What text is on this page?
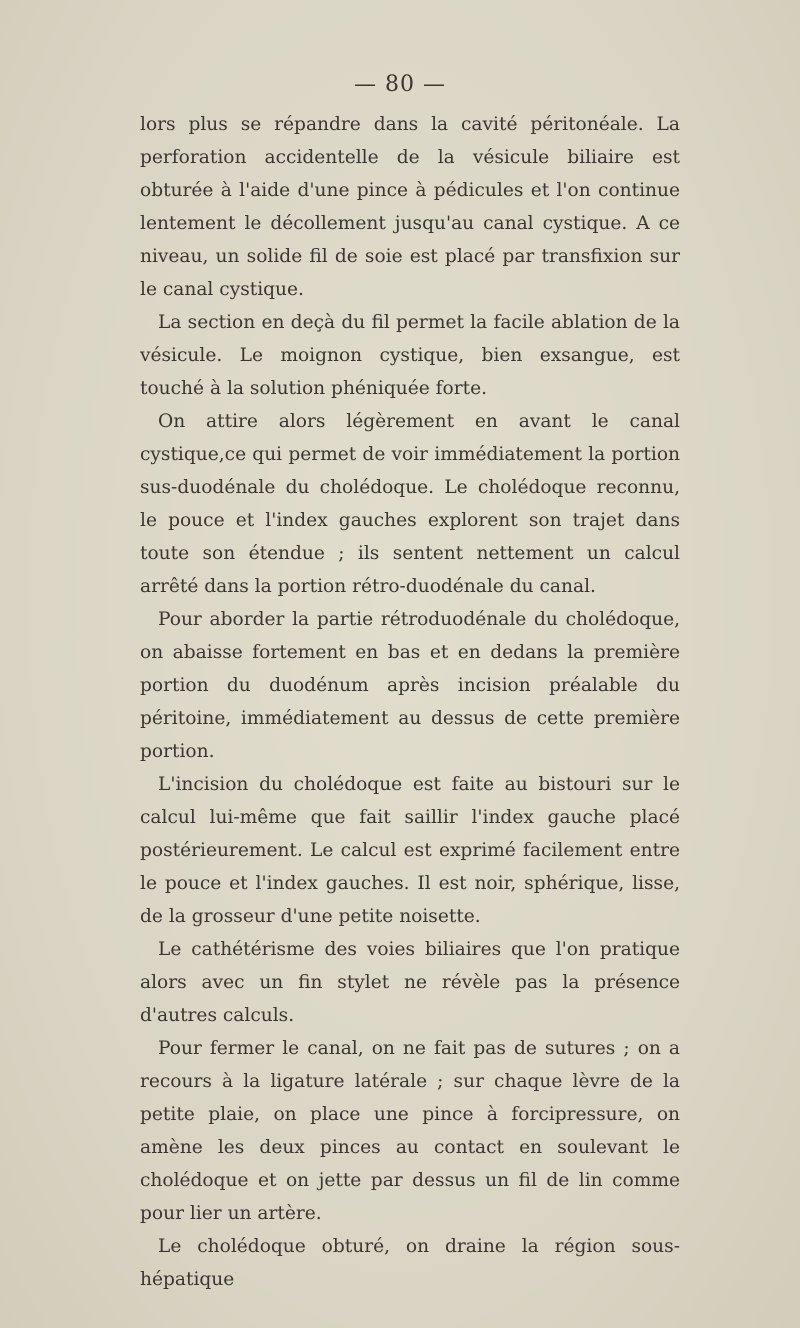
— 80 —

lors plus se répandre dans la cavité péritonéale. La perforation accidentelle de la vésicule biliaire est obturée à l'aide d'une pince à pédicules et l'on continue lentement le décollement jusqu'au canal cystique. A ce niveau, un solide fil de soie est placé par transfixion sur le canal cystique.

La section en deçà du fil permet la facile ablation de la vésicule. Le moignon cystique, bien exsangue, est touché à la solution phéniquée forte.

On attire alors légèrement en avant le canal cystique,ce qui permet de voir immédiatement la portion sus-duodénale du cholédoque. Le cholédoque reconnu, le pouce et l'index gauches explorent son trajet dans toute son étendue ; ils sentent nettement un calcul arrêté dans la portion rétro-duodénale du canal.

Pour aborder la partie rétroduodénale du cholédoque, on abaisse fortement en bas et en dedans la première portion du duodénum après incision préalable du péritoine, immédiatement au dessus de cette première portion.

L'incision du cholédoque est faite au bistouri sur le calcul lui-même que fait saillir l'index gauche placé postérieurement. Le calcul est exprimé facilement entre le pouce et l'index gauches. Il est noir, sphérique, lisse, de la grosseur d'une petite noisette.

Le cathétérisme des voies biliaires que l'on pratique alors avec un fin stylet ne révèle pas la présence d'autres calculs.

Pour fermer le canal, on ne fait pas de sutures ; on a recours à la ligature latérale ; sur chaque lèvre de la petite plaie, on place une pince à forcipressure, on amène les deux pinces au contact en soulevant le cholédoque et on jette par dessus un fil de lin comme pour lier un artère.

Le cholédoque obturé, on draine la région sous-hépatique
